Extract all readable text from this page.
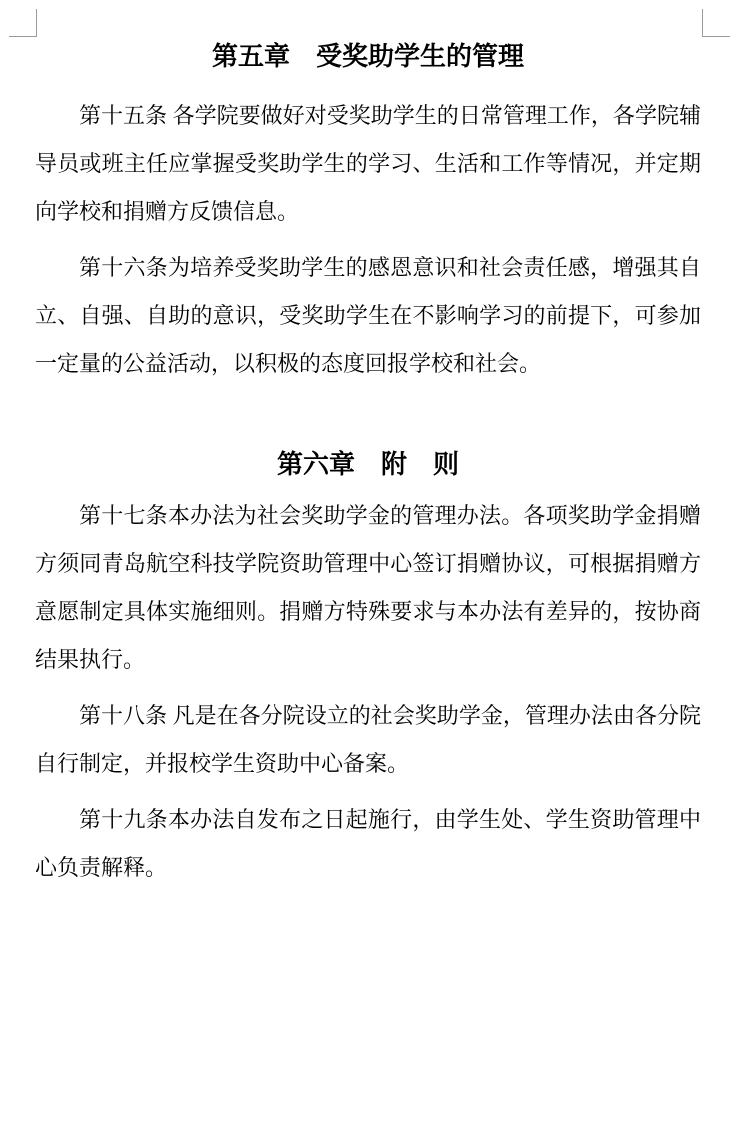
第五章　受奖助学生的管理

第十五条 各学院要做好对受奖助学生的日常管理工作，各学院辅导员或班主任应掌握受奖助学生的学习、生活和工作等情况，并定期向学校和捐赠方反馈信息。

第十六条为培养受奖助学生的感恩意识和社会责任感，增强其自立、自强、自助的意识，受奖助学生在不影响学习的前提下，可参加一定量的公益活动，以积极的态度回报学校和社会。

第六章　附　则

第十七条本办法为社会奖助学金的管理办法。各项奖助学金捐赠方须同青岛航空科技学院资助管理中心签订捐赠协议，可根据捐赠方意愿制定具体实施细则。捐赠方特殊要求与本办法有差异的，按协商结果执行。

第十八条 凡是在各分院设立的社会奖助学金，管理办法由各分院自行制定，并报校学生资助中心备案。

第十九条本办法自发布之日起施行，由学生处、学生资助管理中心负责解释。
